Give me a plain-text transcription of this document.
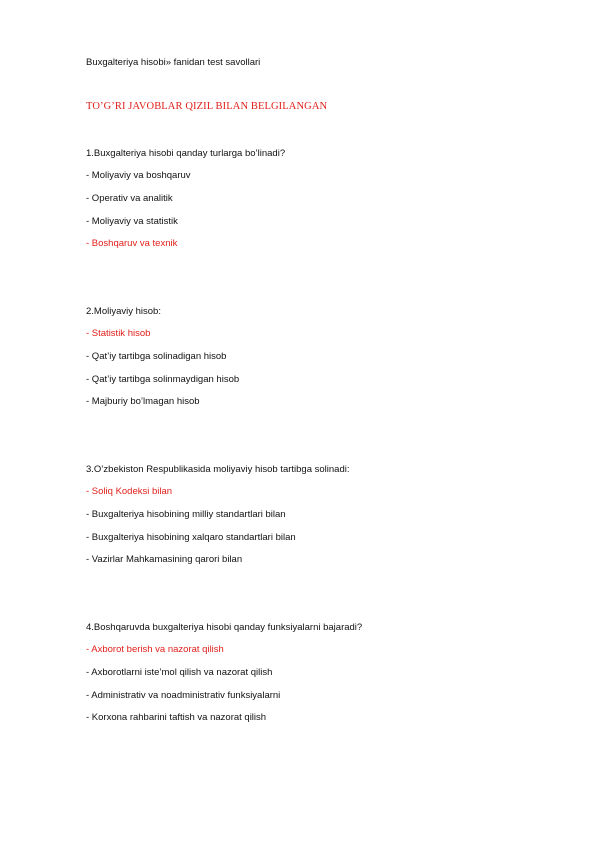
Buxgalteriya hisobi» fanidan test savollari
TO’G’RI JAVOBLAR QIZIL BILAN BELGILANGAN
1.Buxgalteriya hisobi qanday turlarga bo’linadi?
- Moliyaviy va boshqaruv
- Operativ va analitik
- Moliyaviy va statistik
- Boshqaruv va texnik
2.Moliyaviy hisob:
- Statistik hisob
- Qat’iy tartibga solinadigan hisob
- Qat’iy tartibga solinmaydigan hisob
- Majburiy bo’lmagan hisob
3.O’zbekiston Respublikasida moliyaviy hisob tartibga solinadi:
- Soliq Kodeksi bilan
- Buxgalteriya hisobining milliy standartlari bilan
- Buxgalteriya hisobining xalqaro standartlari bilan
- Vazirlar Mahkamasining qarori bilan
4.Boshqaruvda buxgalteriya hisobi qanday funksiyalarni bajaradi?
- Axborot berish va nazorat qilish
- Axborotlarni iste’mol qilish va nazorat qilish
- Administrativ va noadministrativ funksiyalarni
- Korxona rahbarini taftish va nazorat qilish
